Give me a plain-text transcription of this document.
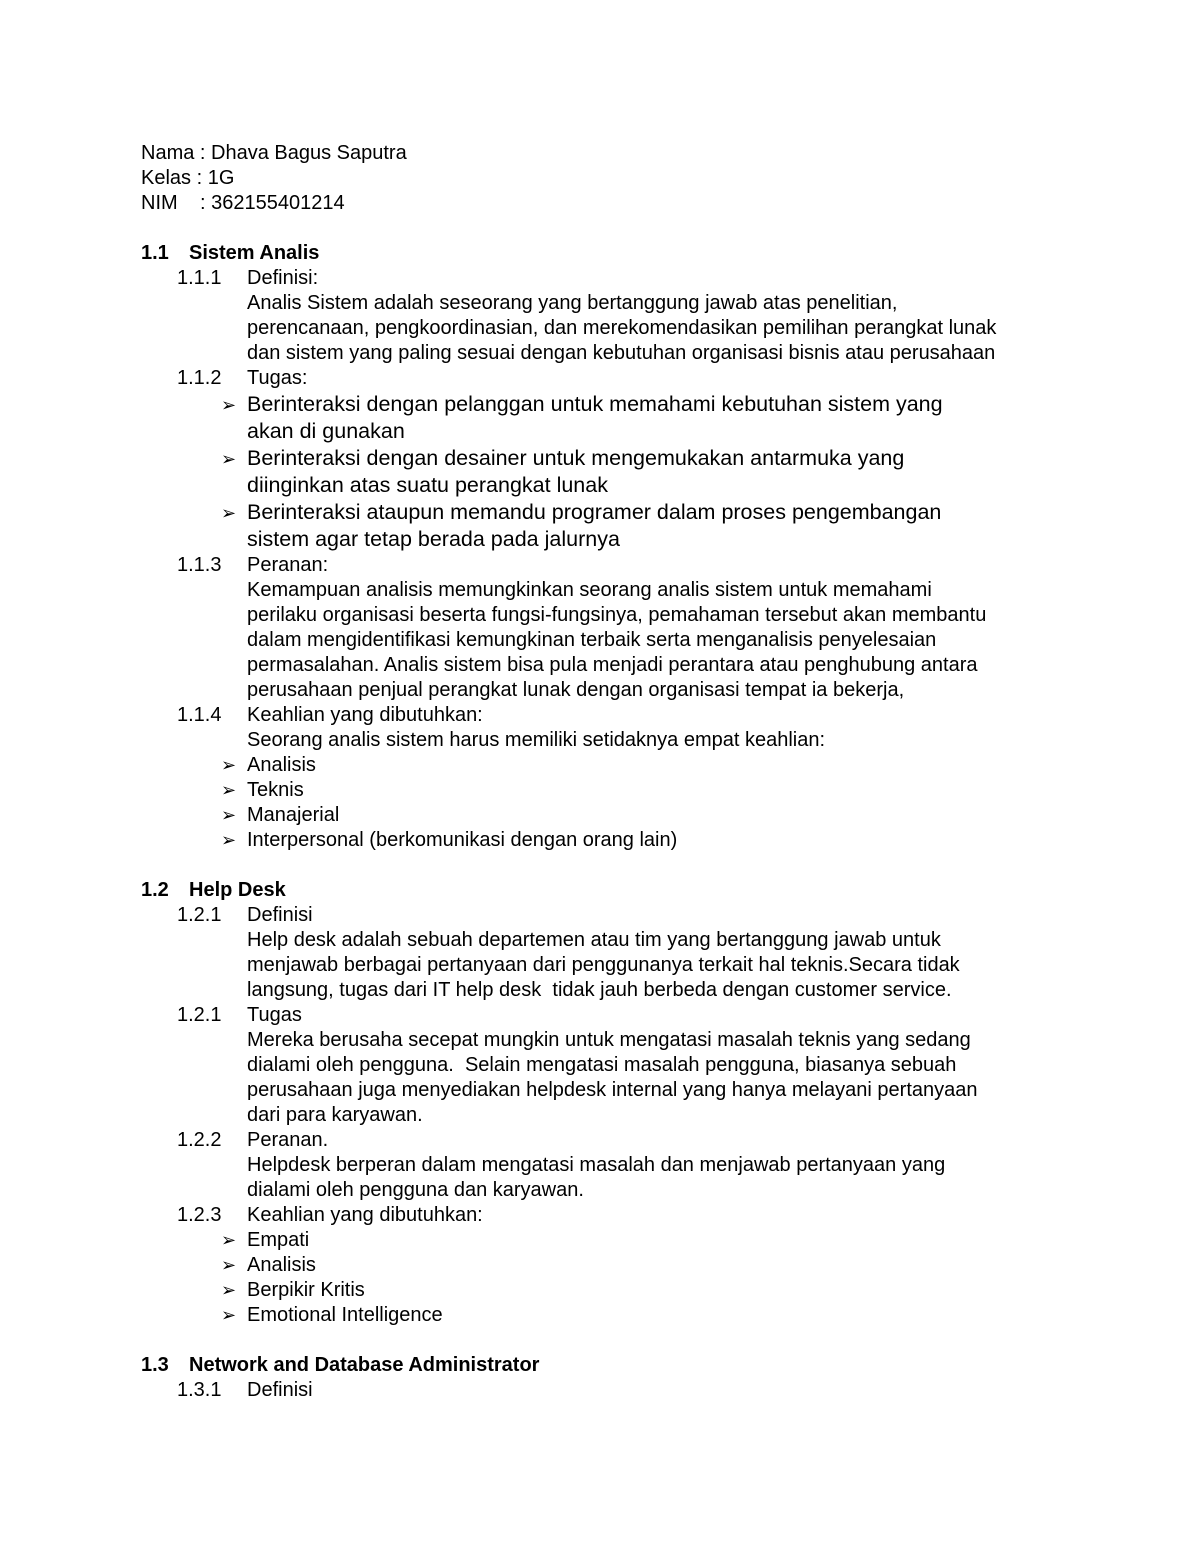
Nama : Dhava Bagus Saputra
Kelas : 1G
NIM : 362155401214
1.1 Sistem Analis
1.1.1 Definisi:
Analis Sistem adalah seseorang yang bertanggung jawab atas penelitian,
perencanaan, pengkoordinasian, dan merekomendasikan pemilihan perangkat lunak
dan sistem yang paling sesuai dengan kebutuhan organisasi bisnis atau perusahaan
1.1.2 Tugas:
➢ Berinteraksi dengan pelanggan untuk memahami kebutuhan sistem yang
akan di gunakan
➢ Berinteraksi dengan desainer untuk mengemukakan antarmuka yang
diinginkan atas suatu perangkat lunak
➢ Berinteraksi ataupun memandu programer dalam proses pengembangan
sistem agar tetap berada pada jalurnya
1.1.3 Peranan:
Kemampuan analisis memungkinkan seorang analis sistem untuk memahami
perilaku organisasi beserta fungsi-fungsinya, pemahaman tersebut akan membantu
dalam mengidentifikasi kemungkinan terbaik serta menganalisis penyelesaian
permasalahan. Analis sistem bisa pula menjadi perantara atau penghubung antara
perusahaan penjual perangkat lunak dengan organisasi tempat ia bekerja,
1.1.4 Keahlian yang dibutuhkan:
Seorang analis sistem harus memiliki setidaknya empat keahlian:
➢ Analisis
➢ Teknis
➢ Manajerial
➢ Interpersonal (berkomunikasi dengan orang lain)
1.2 Help Desk
1.2.1 Definisi
Help desk adalah sebuah departemen atau tim yang bertanggung jawab untuk
menjawab berbagai pertanyaan dari penggunanya terkait hal teknis.Secara tidak
langsung, tugas dari IT help desk  tidak jauh berbeda dengan customer service.
1.2.1 Tugas
Mereka berusaha secepat mungkin untuk mengatasi masalah teknis yang sedang
dialami oleh pengguna.  Selain mengatasi masalah pengguna, biasanya sebuah
perusahaan juga menyediakan helpdesk internal yang hanya melayani pertanyaan
dari para karyawan.
1.2.2 Peranan.
Helpdesk berperan dalam mengatasi masalah dan menjawab pertanyaan yang
dialami oleh pengguna dan karyawan.
1.2.3 Keahlian yang dibutuhkan:
➢ Empati
➢ Analisis
➢ Berpikir Kritis
➢ Emotional Intelligence
1.3 Network and Database Administrator
1.3.1 Definisi
